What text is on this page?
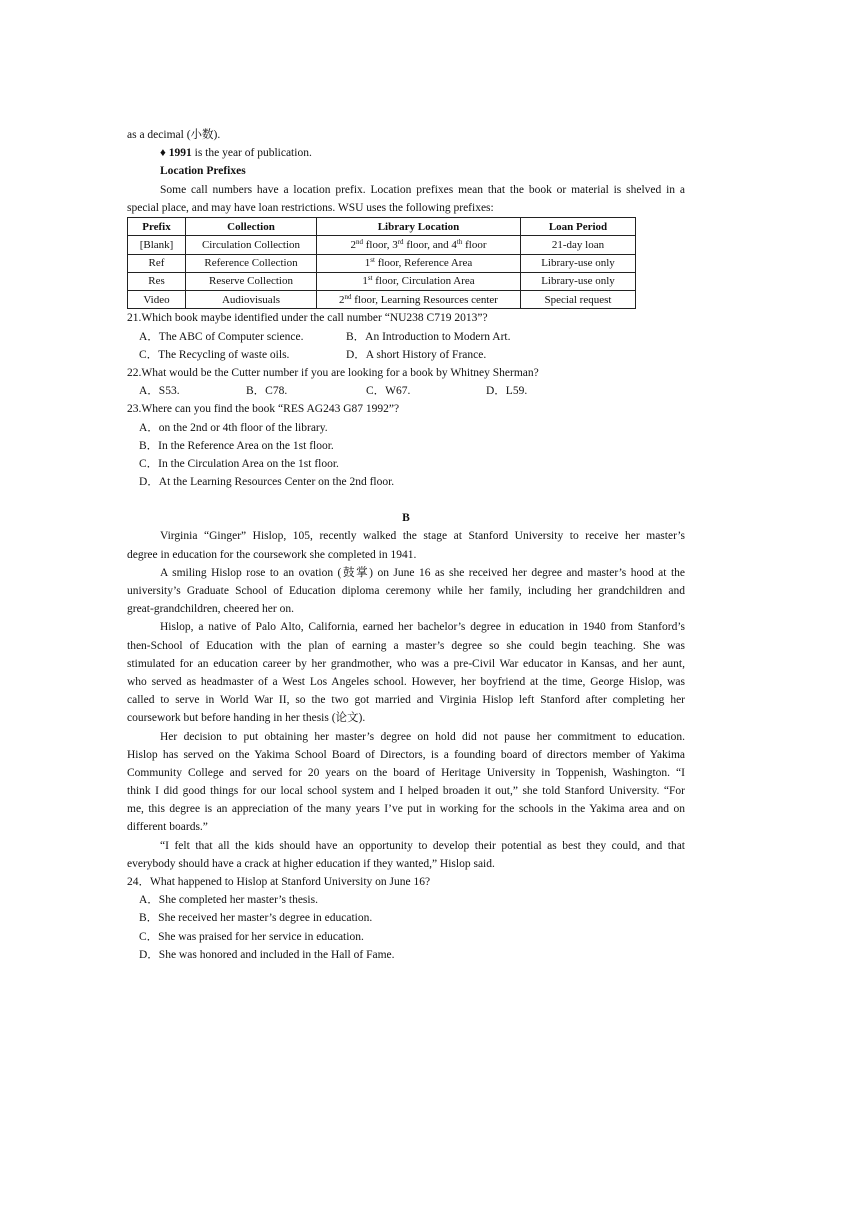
as a decimal (小数).
♦ 1991 is the year of publication.
Location Prefixes
Some call numbers have a location prefix. Location prefixes mean that the book or material is shelved in a
special place, and may have loan restrictions. WSU uses the following prefixes:
Prefix	Collection	Library Location	Loan Period
[Blank]	Circulation Collection	2nd floor, 3rd floor, and 4th floor	21-day loan
Ref	Reference Collection	1st floor, Reference Area	Library-use only
Res	Reserve Collection	1st floor, Circulation Area	Library-use only
Video	Audiovisuals	2nd floor, Learning Resources center	Special request
21.Which book maybe identified under the call number “NU238 C719 2013”?
A．The ABC of Computer science.	B．An Introduction to Modern Art.
C．The Recycling of waste oils.	D．A short History of France.
22.What would be the Cutter number if you are looking for a book by Whitney Sherman?
A．S53.	B．C78.	C．W67.	D．L59.
23.Where can you find the book “RES AG243 G87 1992”?
A．on the 2nd or 4th floor of the library.
B．In the Reference Area on the 1st floor.
C．In the Circulation Area on the 1st floor.
D．At the Learning Resources Center on the 2nd floor.
B
Virginia “Ginger” Hislop, 105, recently walked the stage at Stanford University to receive her master’s
degree in education for the coursework she completed in 1941.
A smiling Hislop rose to an ovation (鼓掌) on June 16 as she received her degree and master’s hood at the
university’s Graduate School of Education diploma ceremony while her family, including her grandchildren and
great-grandchildren, cheered her on.
Hislop, a native of Palo Alto, California, earned her bachelor’s degree in education in 1940 from Stanford’s
then-School of Education with the plan of earning a master’s degree so she could begin teaching. She was
stimulated for an education career by her grandmother, who was a pre-Civil War educator in Kansas, and her aunt,
who served as headmaster of a West Los Angeles school. However, her boyfriend at the time, George Hislop, was
called to serve in World War II, so the two got married and Virginia Hislop left Stanford after completing her
coursework but before handing in her thesis (论文).
Her decision to put obtaining her master’s degree on hold did not pause her commitment to education.
Hislop has served on the Yakima School Board of Directors, is a founding board of directors member of Yakima
Community College and served for 20 years on the board of Heritage University in Toppenish, Washington. “I
think I did good things for our local school system and I helped broaden it out,” she told Stanford University. “For
me, this degree is an appreciation of the many years I’ve put in working for the schools in the Yakima area and on
different boards.”
“I felt that all the kids should have an opportunity to develop their potential as best they could, and that
everybody should have a crack at higher education if they wanted,” Hislop said.
24．What happened to Hislop at Stanford University on June 16?
A．She completed her master’s thesis.
B．She received her master’s degree in education.
C．She was praised for her service in education.
D．She was honored and included in the Hall of Fame.
